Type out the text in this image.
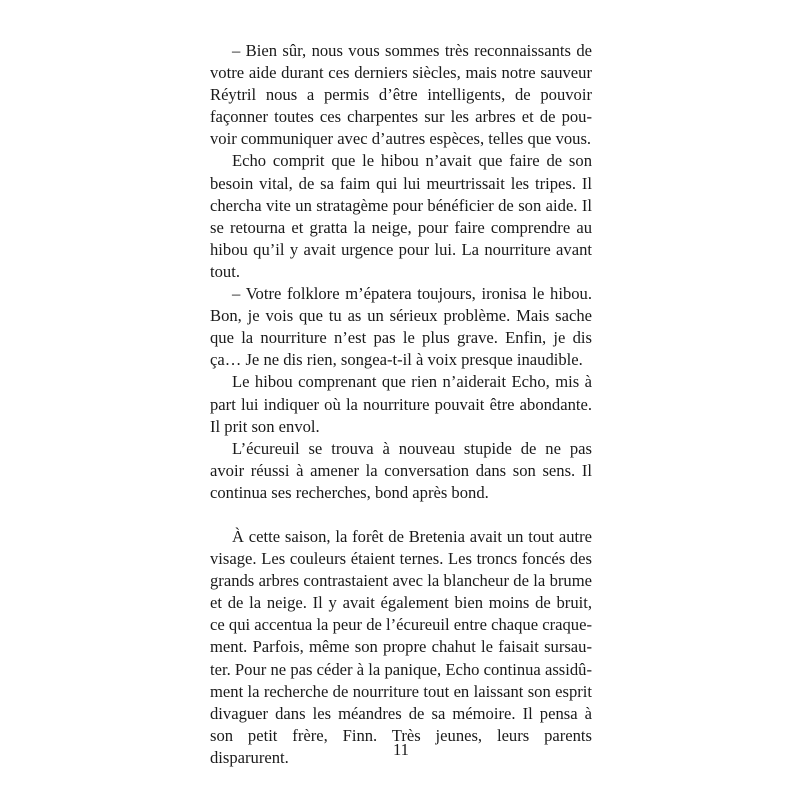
– Bien sûr, nous vous sommes très reconnaissants de votre aide durant ces derniers siècles, mais notre sauveur Réytril nous a permis d’être intelligents, de pouvoir façonner toutes ces charpentes sur les arbres et de pouvoir communiquer avec d’autres espèces, telles que vous.

Echo comprit que le hibou n’avait que faire de son besoin vital, de sa faim qui lui meurtrissait les tripes. Il chercha vite un stratagème pour bénéficier de son aide. Il se retourna et gratta la neige, pour faire comprendre au hibou qu’il y avait urgence pour lui. La nourriture avant tout.

– Votre folklore m’épatera toujours, ironisa le hibou. Bon, je vois que tu as un sérieux problème. Mais sache que la nourriture n’est pas le plus grave. Enfin, je dis ça… Je ne dis rien, songea-t-il à voix presque inaudible.

Le hibou comprenant que rien n’aiderait Echo, mis à part lui indiquer où la nourriture pouvait être abondante. Il prit son envol.

L’écureuil se trouva à nouveau stupide de ne pas avoir réussi à amener la conversation dans son sens. Il continua ses recherches, bond après bond.

À cette saison, la forêt de Bretenia avait un tout autre visage. Les couleurs étaient ternes. Les troncs foncés des grands arbres contrastaient avec la blancheur de la brume et de la neige. Il y avait également bien moins de bruit, ce qui accentua la peur de l’écureuil entre chaque craquement. Parfois, même son propre chahut le faisait sursauter. Pour ne pas céder à la panique, Echo continua assidûment la recherche de nourriture tout en laissant son esprit divaguer dans les méandres de sa mémoire. Il pensa à son petit frère, Finn. Très jeunes, leurs parents disparurent.	11
